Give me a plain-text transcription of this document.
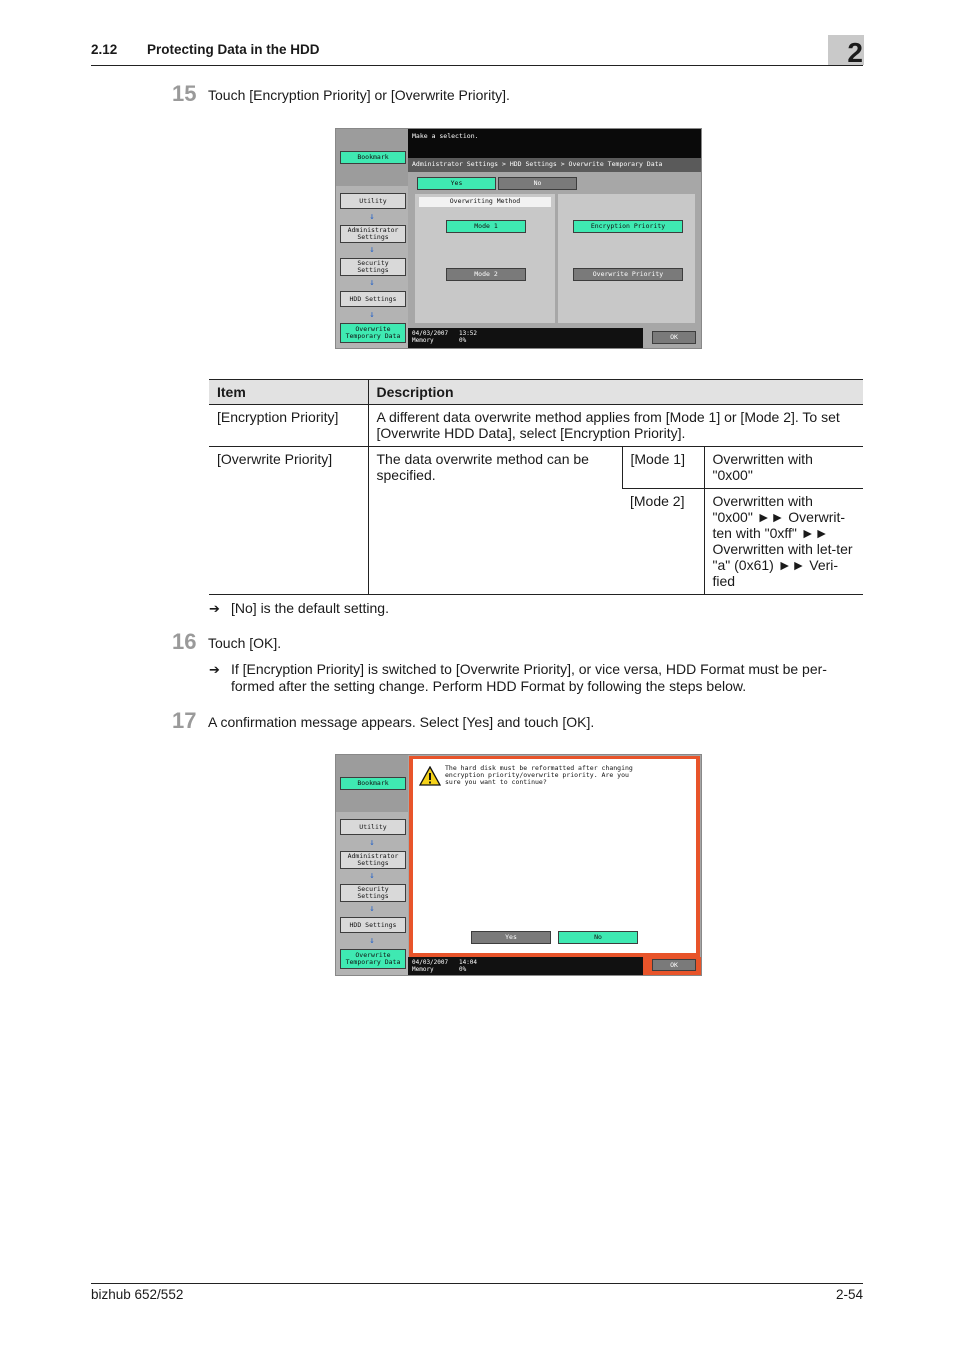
2.12 Protecting Data in the HDD	2
15 Touch [Encryption Priority] or [Overwrite Priority].
Bookmark
Utility
↓
Administrator Settings
↓
Security Settings
↓
HDD Settings
↓
Overwrite Temporary Data
Make a selection.
Administrator Settings > HDD Settings > Overwrite Temporary Data
Yes	No
Overwriting Method
Mode 1
Mode 2
Encryption Priority
Overwrite Priority
04/03/2007 13:52
Memory	0%	OK
Item	Description		
[Encryption Priority]	A different data overwrite method applies from [Mode 1] or [Mode 2]. To set [Overwrite HDD Data], select [Encryption Priority].		
[Overwrite Priority]	The data overwrite method can be specified.	[Mode 1]	Overwritten with "0x00"
		[Mode 2]	Overwritten with "0x00" ►► Overwrit-ten with "0xff" ►► Overwritten with let-ter "a" (0x61) ►► Veri-fied
➔ [No] is the default setting.
16 Touch [OK].
➔ If [Encryption Priority] is switched to [Overwrite Priority], or vice versa, HDD Format must be per-formed after the setting change. Perform HDD Format by following the steps below.
17 A confirmation message appears. Select [Yes] and touch [OK].
Bookmark
Utility
↓
Administrator Settings
↓
Security Settings
↓
HDD Settings
↓
Overwrite Temporary Data
The hard disk must be reformatted after changing encryption priority/overwrite priority. Are you sure you want to continue?
Yes	No
04/03/2007 14:04
Memory	0%
OK
bizhub 652/552	2-54
